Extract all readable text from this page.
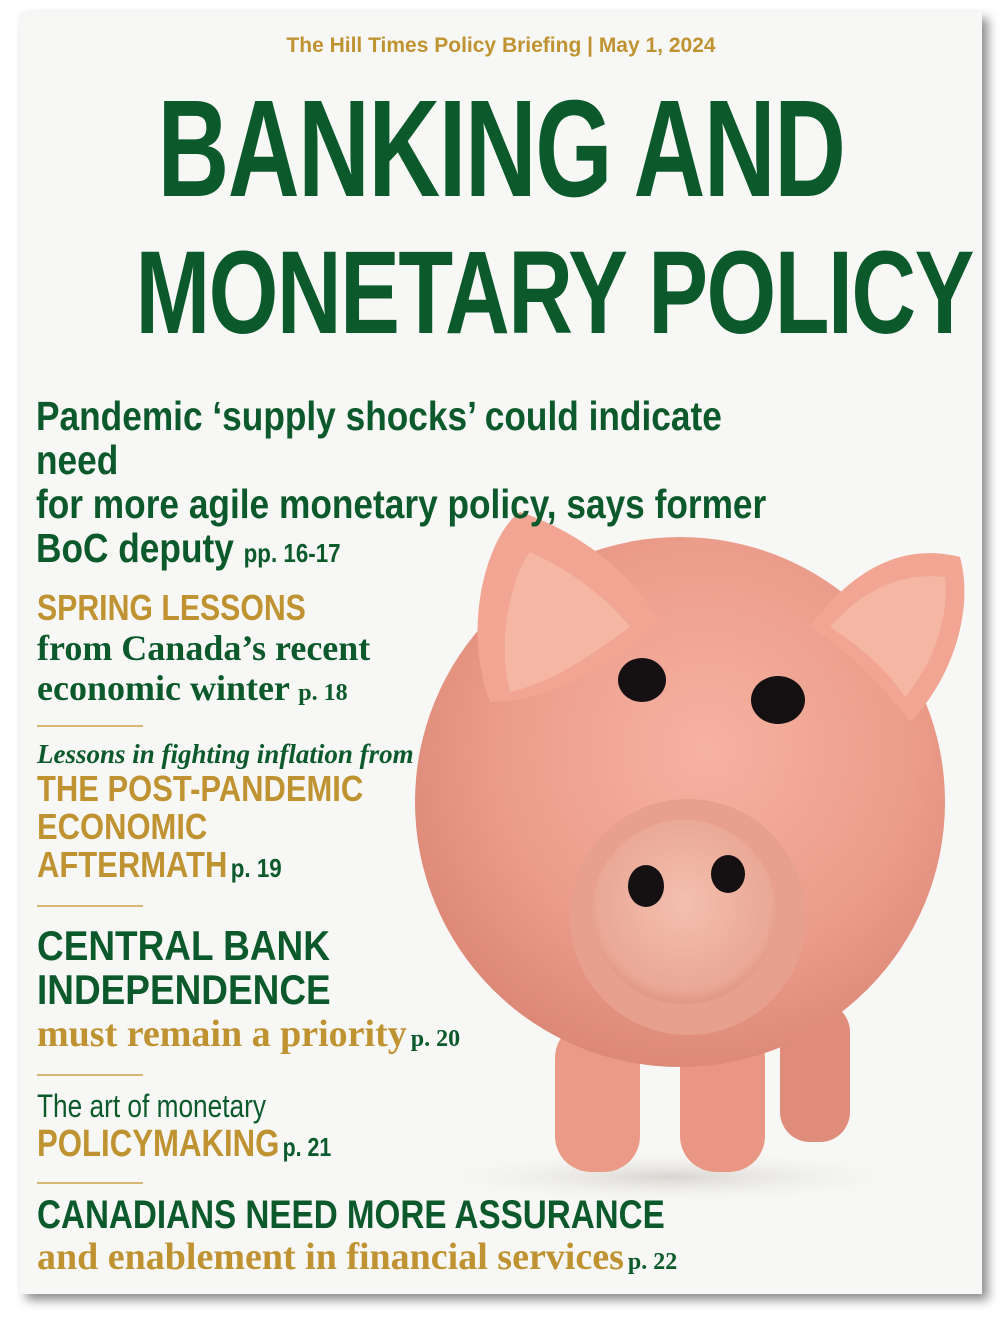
The Hill Times Policy Briefing | May 1, 2024
BANKING AND
MONETARY POLICY
Pandemic ‘supply shocks’ could indicate need
for more agile monetary policy, says former
BoC deputy pp. 16-17
SPRING LESSONS
from Canada’s recent
economic winter p. 18
Lessons in fighting inflation from
THE POST-PANDEMIC
ECONOMIC
AFTERMATH p. 19
CENTRAL BANK
INDEPENDENCE
must remain a priority p. 20
The art of monetary
POLICYMAKING p. 21
CANADIANS NEED MORE ASSURANCE
and enablement in financial services p. 22
